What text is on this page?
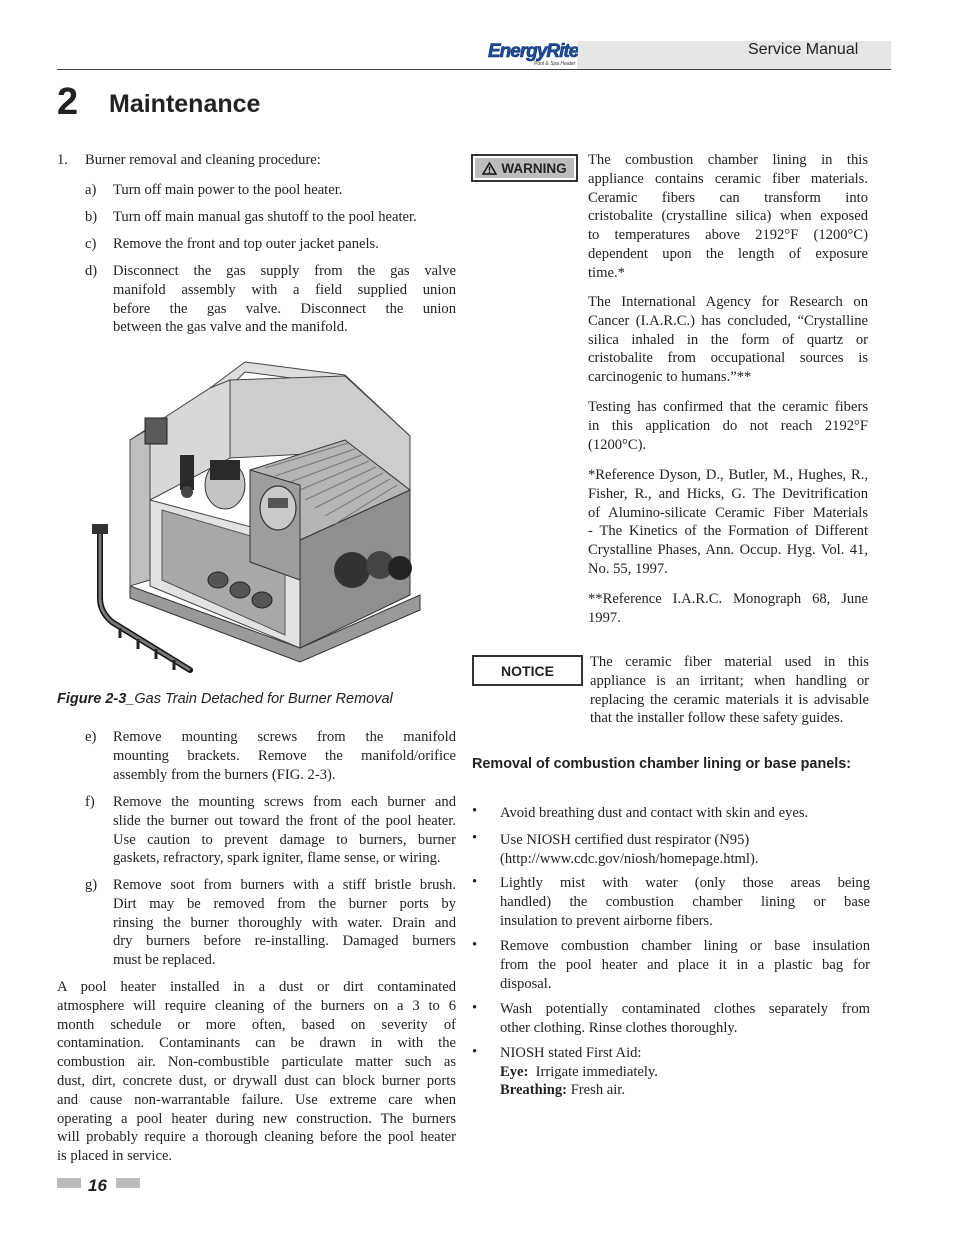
EnergyRite
Pool & Spa Heater
Service Manual
2 Maintenance
1. Burner removal and cleaning procedure:
a) Turn off main power to the pool heater.
b) Turn off main manual gas shutoff to the pool heater.
c) Remove the front and top outer jacket panels.
d) Disconnect the gas supply from the gas valve
manifold assembly with a field supplied union
before the gas valve. Disconnect the union
between the gas valve and the manifold.
Figure 2-3_Gas Train Detached for Burner Removal
e) Remove mounting screws from the manifold
mounting brackets. Remove the manifold/orifice
assembly from the burners (FIG. 2-3).
f) Remove the mounting screws from each burner and
slide the burner out toward the front of the pool heater.
Use caution to prevent damage to burners, burner
gaskets, refractory, spark igniter, flame sense, or wiring.
g) Remove soot from burners with a stiff bristle brush.
Dirt may be removed from the burner ports by
rinsing the burner thoroughly with water. Drain and
dry burners before re-installing. Damaged burners
must be replaced.
A pool heater installed in a dust or dirt contaminated
atmosphere will require cleaning of the burners on a 3 to 6
month schedule or more often, based on severity of
contamination. Contaminants can be drawn in with the
combustion air. Non-combustible particulate matter such as
dust, dirt, concrete dust, or drywall dust can block burner ports
and cause non-warrantable failure. Use extreme care when
operating a pool heater during new construction. The burners
will probably require a thorough cleaning before the pool heater
is placed in service.
WARNING The combustion chamber lining in this
appliance contains ceramic fiber materials.
Ceramic fibers can transform into
cristobalite (crystalline silica) when exposed
to temperatures above 2192°F (1200°C)
dependent upon the length of exposure
time.*
The International Agency for Research on
Cancer (I.A.R.C.) has concluded, “Crystalline
silica inhaled in the form of quartz or
cristobalite from occupational sources is
carcinogenic to humans.”**
Testing has confirmed that the ceramic fibers
in this application do not reach 2192°F
(1200°C).
*Reference Dyson, D., Butler, M., Hughes, R.,
Fisher, R., and Hicks, G. The Devitrification
of Alumino-silicate Ceramic Fiber Materials
- The Kinetics of the Formation of Different
Crystalline Phases, Ann. Occup. Hyg. Vol. 41,
No. 55, 1997.
**Reference I.A.R.C. Monograph 68, June
1997.
NOTICE
The ceramic fiber material used in this
appliance is an irritant; when handling or
replacing the ceramic materials it is advisable
that the installer follow these safety guides.
Removal of combustion chamber lining or base panels:
• Avoid breathing dust and contact with skin and eyes.
• Use NIOSH certified dust respirator (N95)
(http://www.cdc.gov/niosh/homepage.html).
• Lightly mist with water (only those areas being
handled) the combustion chamber lining or base
insulation to prevent airborne fibers.
• Remove combustion chamber lining or base insulation
from the pool heater and place it in a plastic bag for
disposal.
• Wash potentially contaminated clothes separately from
other clothing. Rinse clothes thoroughly.
• NIOSH stated First Aid:
Eye: Irrigate immediately.
Breathing: Fresh air.
16
